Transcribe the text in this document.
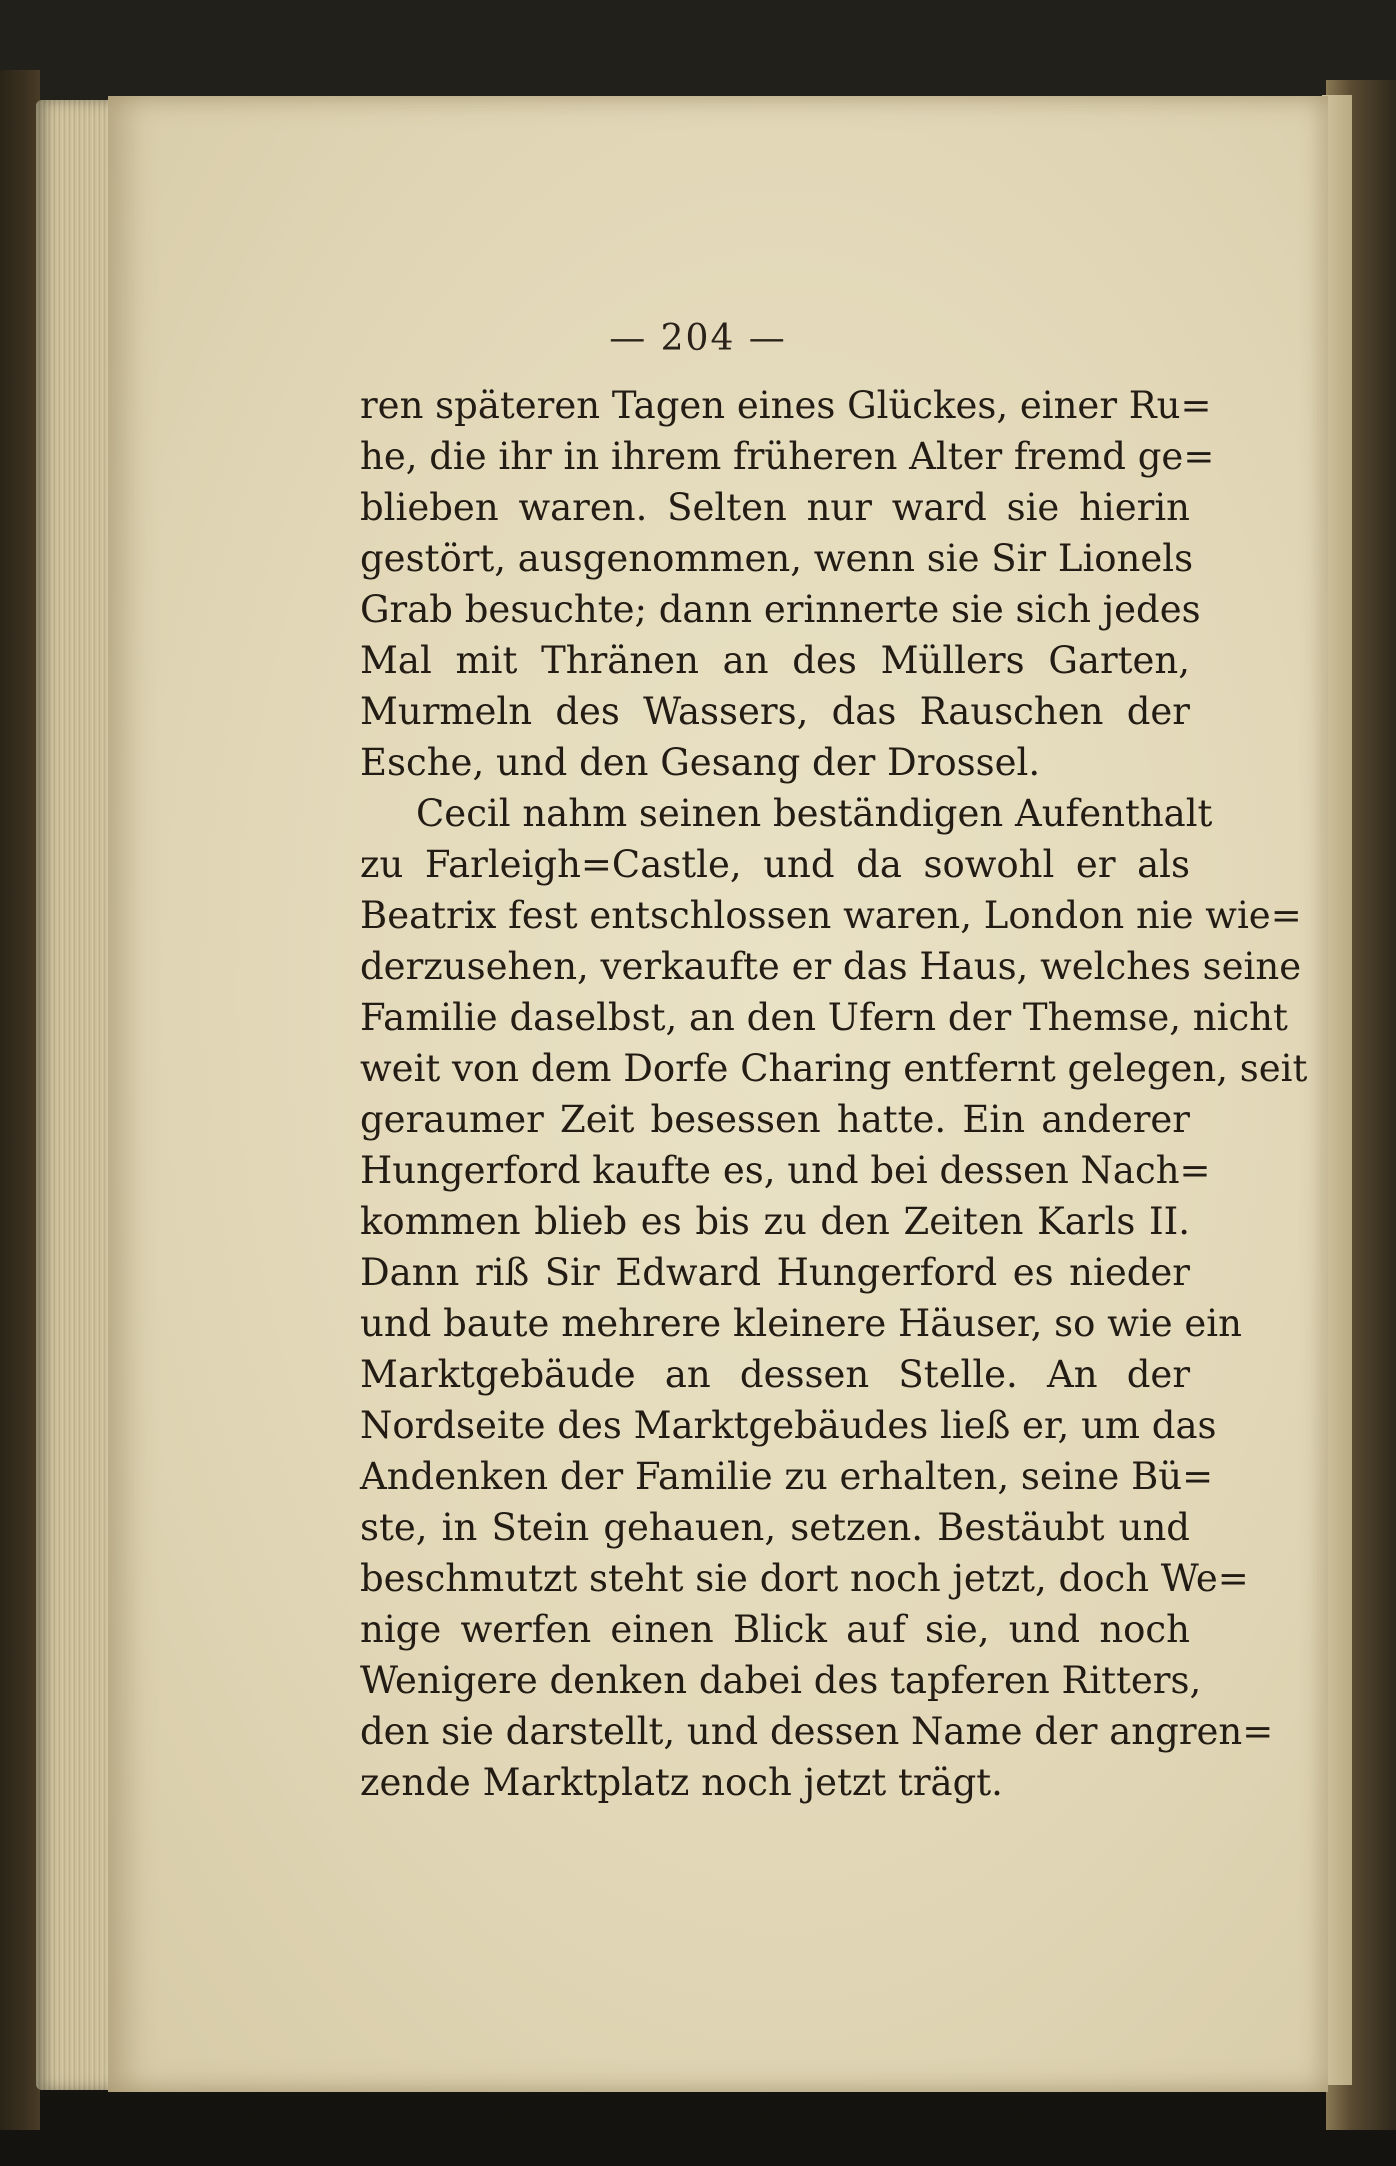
— 204 —
ren späteren Tagen eines Glückes, einer Ru=
he, die ihr in ihrem früheren Alter fremd ge=
blieben waren. Selten nur ward sie hierin
gestört, ausgenommen, wenn sie Sir Lionels
Grab besuchte; dann erinnerte sie sich jedes
Mal mit Thränen an des Müllers Garten,
Murmeln des Wassers, das Rauschen der
Esche, und den Gesang der Drossel.
Cecil nahm seinen beständigen Aufenthalt
zu Farleigh=Castle, und da sowohl er als
Beatrix fest entschlossen waren, London nie wie=
derzusehen, verkaufte er das Haus, welches seine
Familie daselbst, an den Ufern der Themse, nicht
weit von dem Dorfe Charing entfernt gelegen, seit
geraumer Zeit besessen hatte. Ein anderer
Hungerford kaufte es, und bei dessen Nach=
kommen blieb es bis zu den Zeiten Karls II.
Dann riß Sir Edward Hungerford es nieder
und baute mehrere kleinere Häuser, so wie ein
Marktgebäude an dessen Stelle. An der
Nordseite des Marktgebäudes ließ er, um das
Andenken der Familie zu erhalten, seine Bü=
ste, in Stein gehauen, setzen. Bestäubt und
beschmutzt steht sie dort noch jetzt, doch We=
nige werfen einen Blick auf sie, und noch
Wenigere denken dabei des tapferen Ritters,
den sie darstellt, und dessen Name der angren=
zende Marktplatz noch jetzt trägt.
